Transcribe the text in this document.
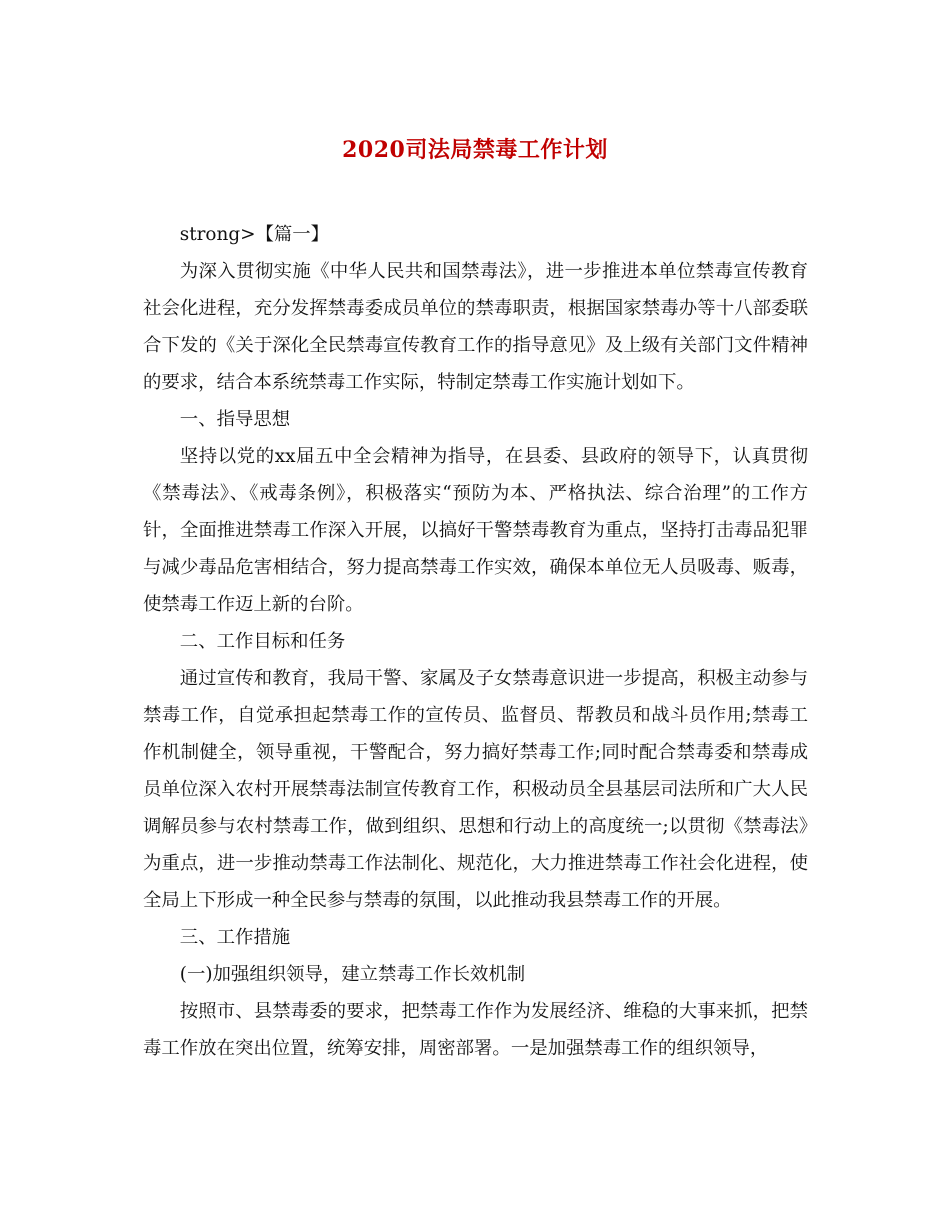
2020司法局禁毒工作计划

strong>【篇一】

为深入贯彻实施《中华人民共和国禁毒法》，进一步推进本单位禁毒宣传教育社会化进程，充分发挥禁毒委成员单位的禁毒职责，根据国家禁毒办等十八部委联合下发的《关于深化全民禁毒宣传教育工作的指导意见》及上级有关部门文件精神的要求，结合本系统禁毒工作实际，特制定禁毒工作实施计划如下。

一、指导思想

坚持以党的xx届五中全会精神为指导，在县委、县政府的领导下，认真贯彻《禁毒法》、《戒毒条例》，积极落实“预防为本、严格执法、综合治理”的工作方针，全面推进禁毒工作深入开展，以搞好干警禁毒教育为重点，坚持打击毒品犯罪与减少毒品危害相结合，努力提高禁毒工作实效，确保本单位无人员吸毒、贩毒，使禁毒工作迈上新的台阶。

二、工作目标和任务

通过宣传和教育，我局干警、家属及子女禁毒意识进一步提高，积极主动参与禁毒工作，自觉承担起禁毒工作的宣传员、监督员、帮教员和战斗员作用;禁毒工作机制健全，领导重视，干警配合，努力搞好禁毒工作;同时配合禁毒委和禁毒成员单位深入农村开展禁毒法制宣传教育工作，积极动员全县基层司法所和广大人民调解员参与农村禁毒工作，做到组织、思想和行动上的高度统一;以贯彻《禁毒法》为重点，进一步推动禁毒工作法制化、规范化，大力推进禁毒工作社会化进程，使全局上下形成一种全民参与禁毒的氛围，以此推动我县禁毒工作的开展。

三、工作措施

(一)加强组织领导，建立禁毒工作长效机制

按照市、县禁毒委的要求，把禁毒工作作为发展经济、维稳的大事来抓，把禁毒工作放在突出位置，统筹安排，周密部署。一是加强禁毒工作的组织领导，
